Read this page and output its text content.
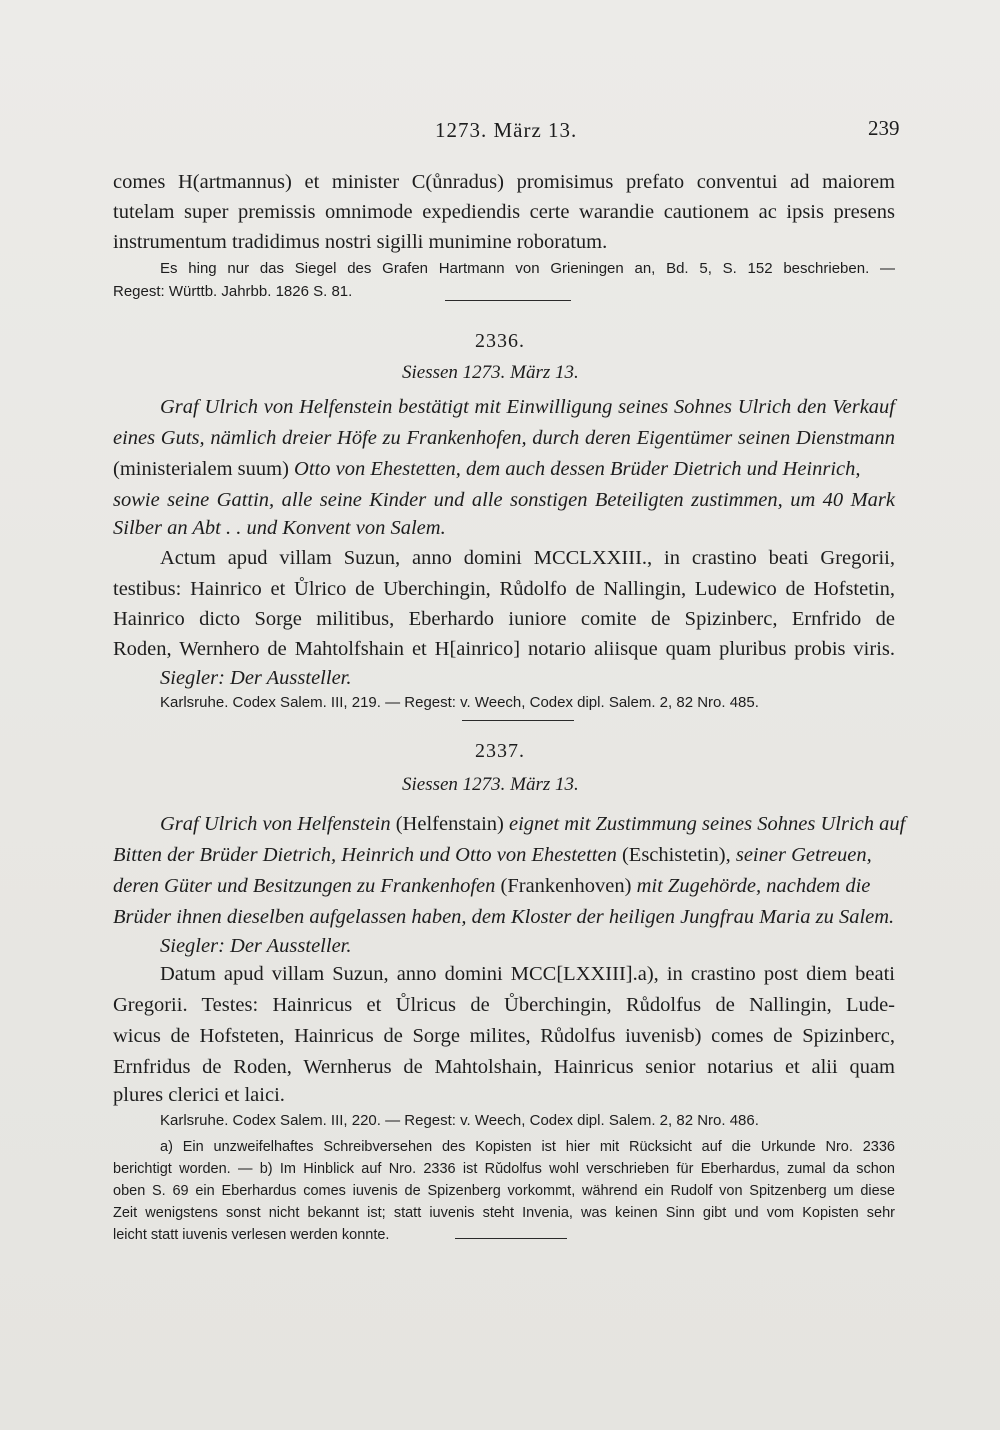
1273. März 13.	239
comes H(artmannus) et minister C(ůnradus) promisimus prefato conventui ad maiorem
tutelam super premissis omnimode expediendis certe warandie cautionem ac ipsis presens
instrumentum tradidimus nostri sigilli munimine roboratum.
Es hing nur das Siegel des Grafen Hartmann von Grieningen an, Bd. 5, S. 152 beschrieben. —
Regest: Württb. Jahrbb. 1826 S. 81.
2336.
Siessen 1273. März 13.
Graf Ulrich von Helfenstein bestätigt mit Einwilligung seines Sohnes Ulrich den Verkauf
eines Guts, nämlich dreier Höfe zu Frankenhofen, durch deren Eigentümer seinen Dienstmann
(ministerialem suum) Otto von Ehestetten, dem auch dessen Brüder Dietrich und Heinrich,
sowie seine Gattin, alle seine Kinder und alle sonstigen Beteiligten zustimmen, um 40 Mark
Silber an Abt . . und Konvent von Salem.
Actum apud villam Suzun, anno domini MCCLXXIII., in crastino beati Gregorii,
testibus: Hainrico et Ůlrico de Uberchingin, Růdolfo de Nallingin, Ludewico de Hofstetin,
Hainrico dicto Sorge militibus, Eberhardo iuniore comite de Spizinberc, Ernfrido de
Roden, Wernhero de Mahtolfshain et H[ainrico] notario aliisque quam pluribus probis viris.
Siegler: Der Aussteller.
Karlsruhe. Codex Salem. III, 219. — Regest: v. Weech, Codex dipl. Salem. 2, 82 Nro. 485.
2337.
Siessen 1273. März 13.
Graf Ulrich von Helfenstein (Helfenstain) eignet mit Zustimmung seines Sohnes Ulrich auf
Bitten der Brüder Dietrich, Heinrich und Otto von Ehestetten (Eschistetin), seiner Getreuen,
deren Güter und Besitzungen zu Frankenhofen (Frankenhoven) mit Zugehörde, nachdem die
Brüder ihnen dieselben aufgelassen haben, dem Kloster der heiligen Jungfrau Maria zu Salem.
Siegler: Der Aussteller.
Datum apud villam Suzun, anno domini MCC[LXXIII].a), in crastino post diem beati
Gregorii. Testes: Hainricus et Ůlricus de Ůberchingin, Růdolfus de Nallingin, Lude-
wicus de Hofsteten, Hainricus de Sorge milites, Růdolfus iuvenisb) comes de Spizinberc,
Ernfridus de Roden, Wernherus de Mahtolshain, Hainricus senior notarius et alii quam
plures clerici et laici.
Karlsruhe. Codex Salem. III, 220. — Regest: v. Weech, Codex dipl. Salem. 2, 82 Nro. 486.
a) Ein unzweifelhaftes Schreibversehen des Kopisten ist hier mit Rücksicht auf die Urkunde Nro. 2336
berichtigt worden. — b) Im Hinblick auf Nro. 2336 ist Rǔdolfus wohl verschrieben für Eberhardus, zumal da schon
oben S. 69 ein Eberhardus comes iuvenis de Spizenberg vorkommt, während ein Rudolf von Spitzenberg um diese
Zeit wenigstens sonst nicht bekannt ist; statt iuvenis steht Invenia, was keinen Sinn gibt und vom Kopisten sehr
leicht statt iuvenis verlesen werden konnte.
